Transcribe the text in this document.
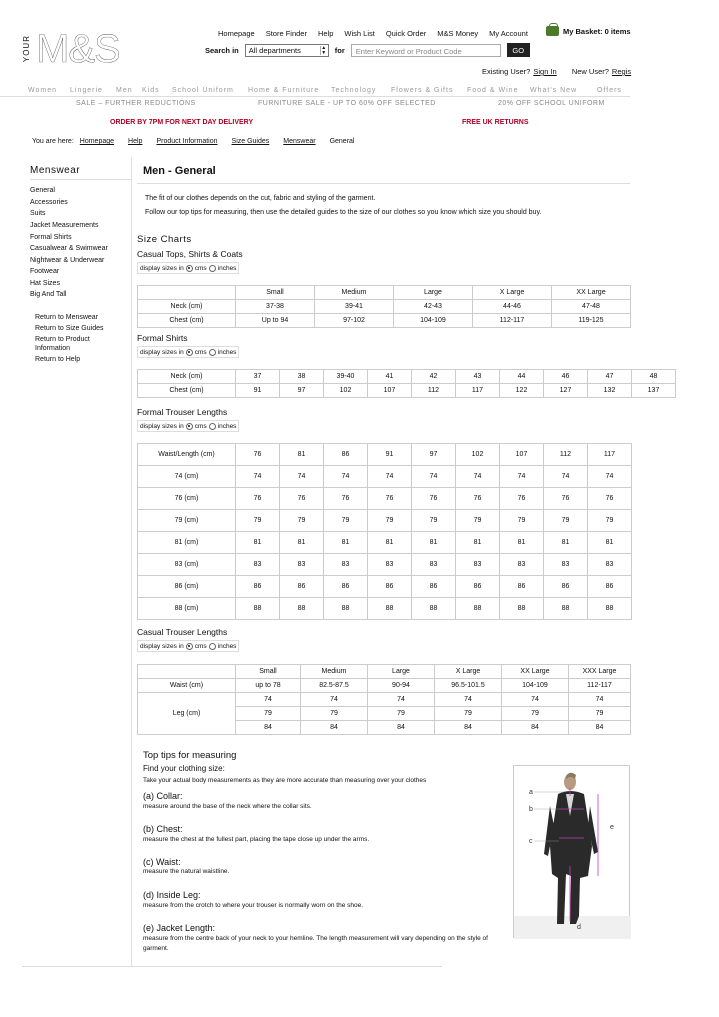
YOUR M&S	Homepage Store Finder Help Wish List Quick Order M&S Money My Account	My Basket: 0 items
Search in	All departments	▲
▼ for	Enter Keyword or Product Code	GO
Existing User? Sign In New User? Regis
Women Lingerie Men Kids School Uniform Home & Furniture Technology Flowers & Gifts Food & Wine What's New	Offers
SALE – FURTHER REDUCTIONS	FURNITURE SALE - UP TO 60% OFF SELECTED	20% OFF SCHOOL UNIFORM
ORDER BY 7PM FOR NEXT DAY DELIVERY	FREE UK RETURNS
You are here: Homepage Help Product Information Size Guides Menswear General
Menswear
General
Accessories
Suits
Jacket Measurements
Formal Shirts
Casualwear & Swimwear
Nightwear & Underwear
Footwear
Hat Sizes
Big And Tall
Return to Menswear
Return to Size Guides
Return to Product Information
Return to Help
Men - General
The fit of our clothes depends on the cut, fabric and styling of the garment.
Follow our top tips for measuring, then use the detailed guides to the size of our clothes so you know which size you should buy.
Size Charts
Casual Tops, Shirts & Coats
display sizes in cms inches
	Small	Medium	Large	X Large	XX Large
Neck (cm)	37-38	39-41	42-43	44-46	47-48
Chest (cm)	Up to 94	97-102	104-109	112-117	119-125
Formal Shirts
display sizes in cms inches
Neck (cm)	37	38	39-40	41	42	43	44	46	47	48
Chest (cm)	91	97	102	107	112	117	122	127	132	137
Formal Trouser Lengths
display sizes in cms inches
Waist/Length (cm)	76	81	86	91	97	102	107	112	117
74 (cm)	74	74	74	74	74	74	74	74	74
76 (cm)	76	76	76	76	76	76	76	76	76
79 (cm)	79	79	79	79	79	79	79	79	79
81 (cm)	81	81	81	81	81	81	81	81	81
83 (cm)	83	83	83	83	83	83	83	83	83
86 (cm)	86	86	86	86	86	86	86	86	86
88 (cm)	88	88	88	88	88	88	88	88	88
Casual Trouser Lengths
display sizes in cms inches
	Small	Medium	Large	X Large	XX Large	XXX Large
Waist (cm)	up to 78	82.5-87.5	90-94	96.5-101.5	104-109	112-117
Leg (cm)	74	74	74	74	74	74
	79	79	79	79	79	79
	84	84	84	84	84	84
Top tips for measuring
Find your clothing size:
Take your actual body measurements as they are more accurate than measuring over your clothes
(a) Collar:
measure around the base of the neck where the collar sits.
(b) Chest:
measure the chest at the fullest part, placing the tape close up under the arms.
(c) Waist:
measure the natural waistline.
(d) Inside Leg:
measure from the crotch to where your trouser is normally worn on the shoe.
(e) Jacket Length:
measure from the centre back of your neck to your hemline. The length measurement will vary depending on the style of garment.
a
b
c
d
e
